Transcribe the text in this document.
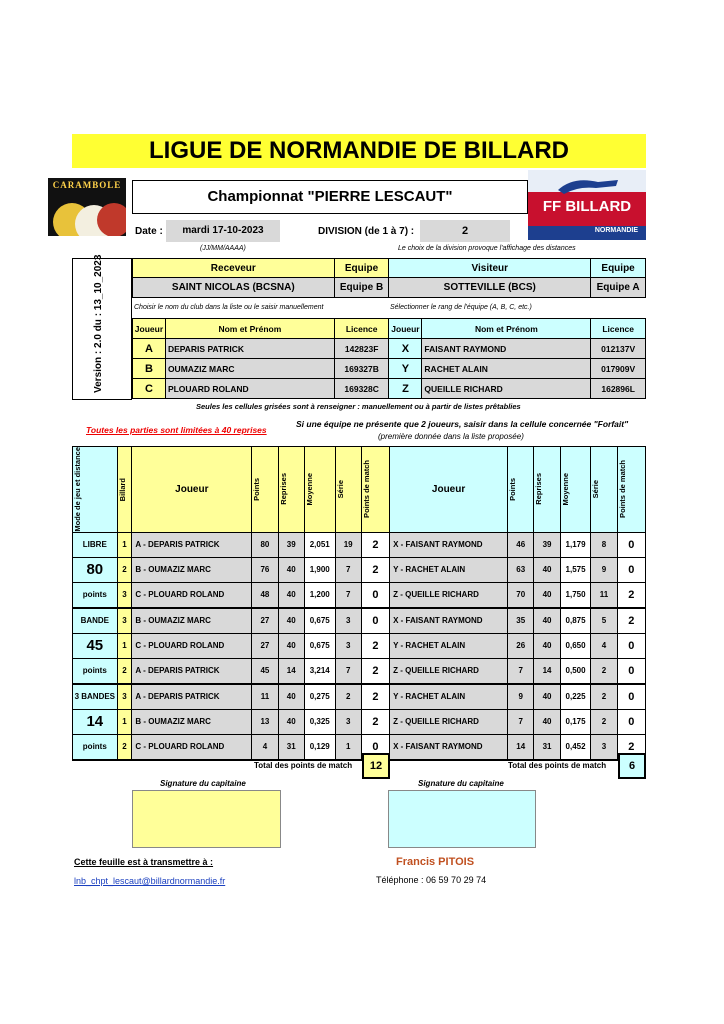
LIGUE DE NORMANDIE DE BILLARD
CARAMBOLE
Championnat "PIERRE LESCAUT"
FF BILLARD
NORMANDIE
Date :	mardi 17-10-2023
(JJ/MM/AAAA)
DIVISION (de 1 à 7) :	2
Le choix de la division provoque l'affichage des distances
Version : 2.0 du : 13_10_2023	Receveur	Equipe	Visiteur	Equipe
SAINT NICOLAS (BCSNA)	Equipe B	SOTTEVILLE (BCS)	Equipe A
Choisir le nom du club dans la liste ou le saisir manuellement	Sélectionner le rang de l'équipe (A, B, C, etc.)
Joueur	Nom et Prénom	Licence	Joueur	Nom et Prénom	Licence
A	DEPARIS PATRICK	142823F	X	FAISANT RAYMOND	012137V
B	OUMAZIZ MARC	169327B	Y	RACHET ALAIN	017909V
C	PLOUARD ROLAND	169328C	Z	QUEILLE RICHARD	162896L
Seules les cellules grisées sont à renseigner : manuellement ou à partir de listes prêtablies
Toutes les parties sont limitées à 40 reprises
Si une équipe ne présente que 2 joueurs, saisir dans la cellule concernée "Forfait"
(première donnée dans la liste proposée)
Mode de jeu et distance	Billard	Joueur	Points	Reprises	Moyenne	Série	Points de match	Joueur	Points	Reprises	Moyenne	Série	Points de match

LIBRE	1	A - DEPARIS PATRICK	80	39	2,051	19	2	X - FAISANT RAYMOND	46	39	1,179	8	0
80	2	B - OUMAZIZ MARC	76	40	1,900	7	2	Y - RACHET ALAIN	63	40	1,575	9	0
points	3	C - PLOUARD ROLAND	48	40	1,200	7	0	Z - QUEILLE RICHARD	70	40	1,750	11	2
BANDE	3	B - OUMAZIZ MARC	27	40	0,675	3	0	X - FAISANT RAYMOND	35	40	0,875	5	2
45	1	C - PLOUARD ROLAND	27	40	0,675	3	2	Y - RACHET ALAIN	26	40	0,650	4	0
points	2	A - DEPARIS PATRICK	45	14	3,214	7	2	Z - QUEILLE RICHARD	7	14	0,500	2	0
3 BANDES	3	A - DEPARIS PATRICK	11	40	0,275	2	2	Y - RACHET ALAIN	9	40	0,225	2	0
14	1	B - OUMAZIZ MARC	13	40	0,325	3	2	Z - QUEILLE RICHARD	7	40	0,175	2	0
points	2	C - PLOUARD ROLAND	4	31	0,129	1	0	X - FAISANT RAYMOND	14	31	0,452	3	2
Total des points de match	12	Total des points de match	6
Signature du capitaine	Signature du capitaine
Cette feuille est à transmettre à :
lnb_chpt_lescaut@billardnormandie.fr
Francis PITOIS
Téléphone : 06 59 70 29 74
